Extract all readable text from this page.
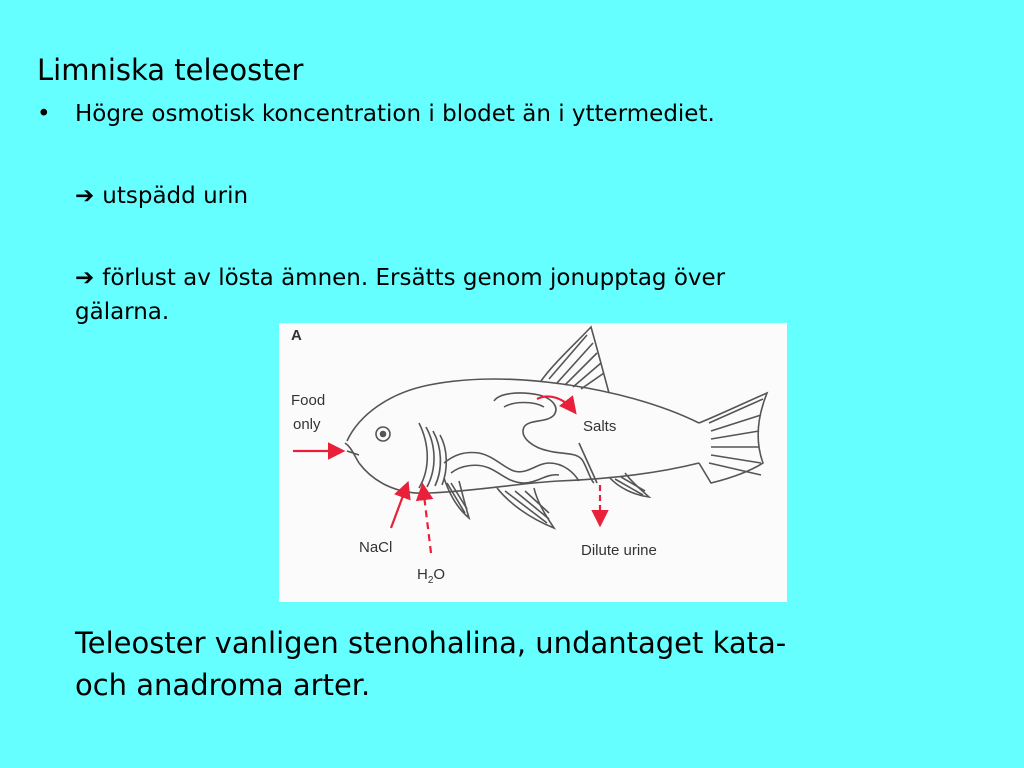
Limniska teleoster
• Högre osmotisk koncentration i blodet än i yttermediet.
➔ utspädd urin
➔ förlust av lösta ämnen. Ersätts genom jonupptag över
gälarna.
A
Food
only	Salts
NaCl
$H_2O$
Dilute urine
Teleoster vanligen stenohalina, undantaget kata-
och anadroma arter.
